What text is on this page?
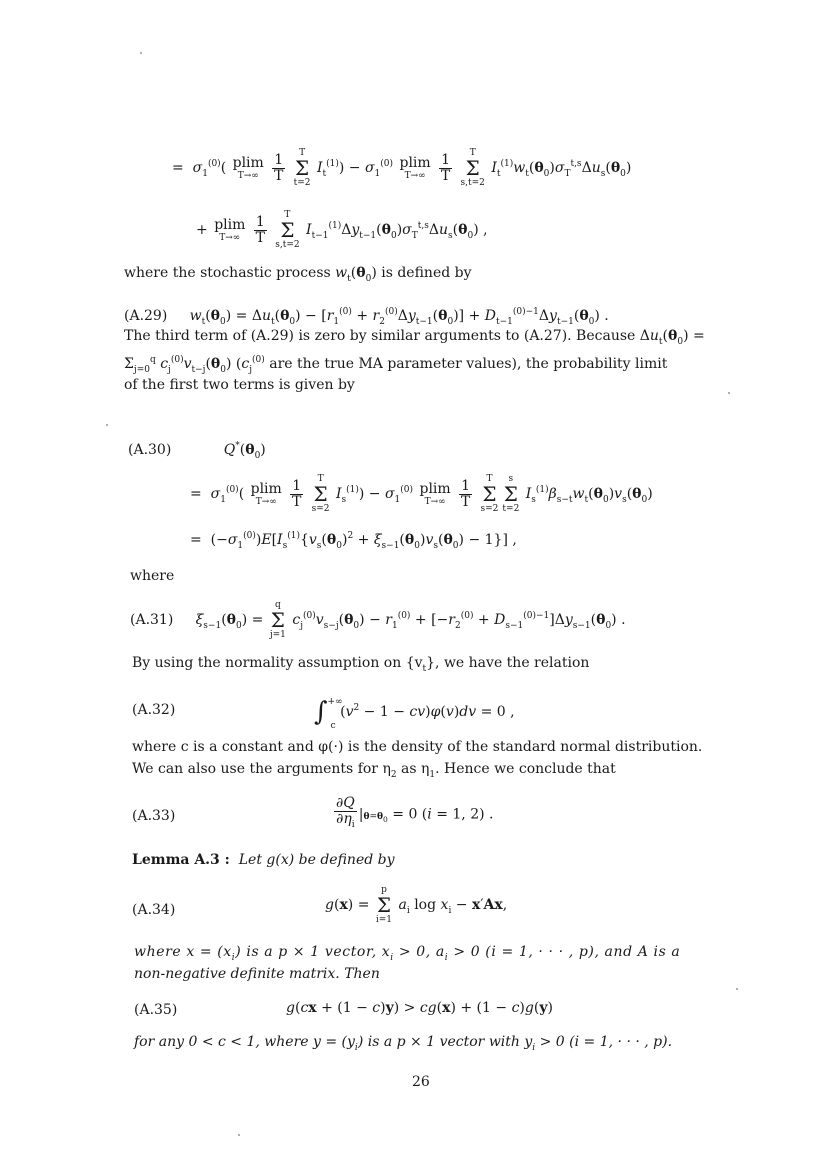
=  $\sigma_1^{(0)}$( plim
T→∞
$\frac{1}{T}$
	T
Σ
t=2
$I_t^{(1)}) - \sigma_1^{(0)}$ plim
T→∞
$\frac{1}{T}$
	T
Σ
s,t=2
$I_t^{(1)}w_t(\theta_0)\sigma_T^{t,s}\Delta u_s(\theta_0)$
+ plim
T→∞
$\frac{1}{T}$
	T
Σ
s,t=2
$I_{t-1}^{(1)}\Delta y_{t-1}(\theta_0)\sigma_T^{t,s}\Delta u_s(\theta_0)$ ,
where the stochastic process $w_t(\theta_0)$ is defined by
(A.29) $w_t(\theta_0) = \Delta u_t(\theta_0) - [r_1^{(0)} + r_2^{(0)}\Delta y_{t-1}(\theta_0)] + D_{t-1}^{(0)-1}\Delta y_{t-1}(\theta_0)$ .
The third term of (A.29) is zero by similar arguments to (A.27). Because $\Delta u_t(\theta_0)$ =
$\Sigma_{j=0}^q$ $c_j^{(0)}v_{t-j}(\theta_0)$ ($c_j^{(0)}$ are the true MA parameter values), the probability limit
of the first two terms is given by
(A.30)	$Q^*(\theta_0)$
=  $\sigma_1^{(0)}$( plim
T→∞
$\frac{1}{T}$
	T
Σ
s=2
$I_s^{(1)}) - \sigma_1^{(0)}$ plim
T→∞
$\frac{1}{T}$
	T
Σ
s=2
s
Σ
t=2
$I_s^{(1)}\beta_{s-t}w_t(\theta_0)v_s(\theta_0)$
=  $(-\sigma_1^{(0)})E[I_s^{(1)}\{v_s(\theta_0)^2 + \xi_{s-1}(\theta_0)v_s(\theta_0) - 1\}]$ ,
where
(A.31) $\xi_{s-1}(\theta_0)$ =
q
Σ
j=1
$c_j^{(0)}v_{s-j}(\theta_0) - r_1^{(0)} + [-r_2^{(0)} + D_{s-1}^{(0)-1}]\Delta y_{s-1}(\theta_0)$ .
By using the normality assumption on $\{v_t\}$, we have the relation
(A.32)	$\int^{+\infty}_c$ $(v^2 - 1 - cv)\varphi(v)dv = 0$ ,
where c is a constant and φ(·) is the density of the standard normal distribution.
We can also use the arguments for $\eta_2$ as $\eta_1$. Hence we conclude that
(A.33)	$\frac{\partial Q}{\partial\eta_i} |\theta=\theta_0 = 0$ (i = 1, 2) .
Lemma A.3 : Let g(x) be defined by
(A.34)	g(x) =
p
Σ
i=1
$a_i$ $\log x_i - x'Ax$,
where $x = (x_i)$ is a p × 1 vector, $x_i > 0$, $a_i > 0$ (i = 1, · · · , p), and A is a
non-negative definite matrix. Then
(A.35)	g(cx + (1 − c)y) > cg(x) + (1 − c)g(y)
for any 0 < c < 1, where $y = (y_i)$ is a p × 1 vector with $y_i > 0$ (i = 1, · · · , p).
26
